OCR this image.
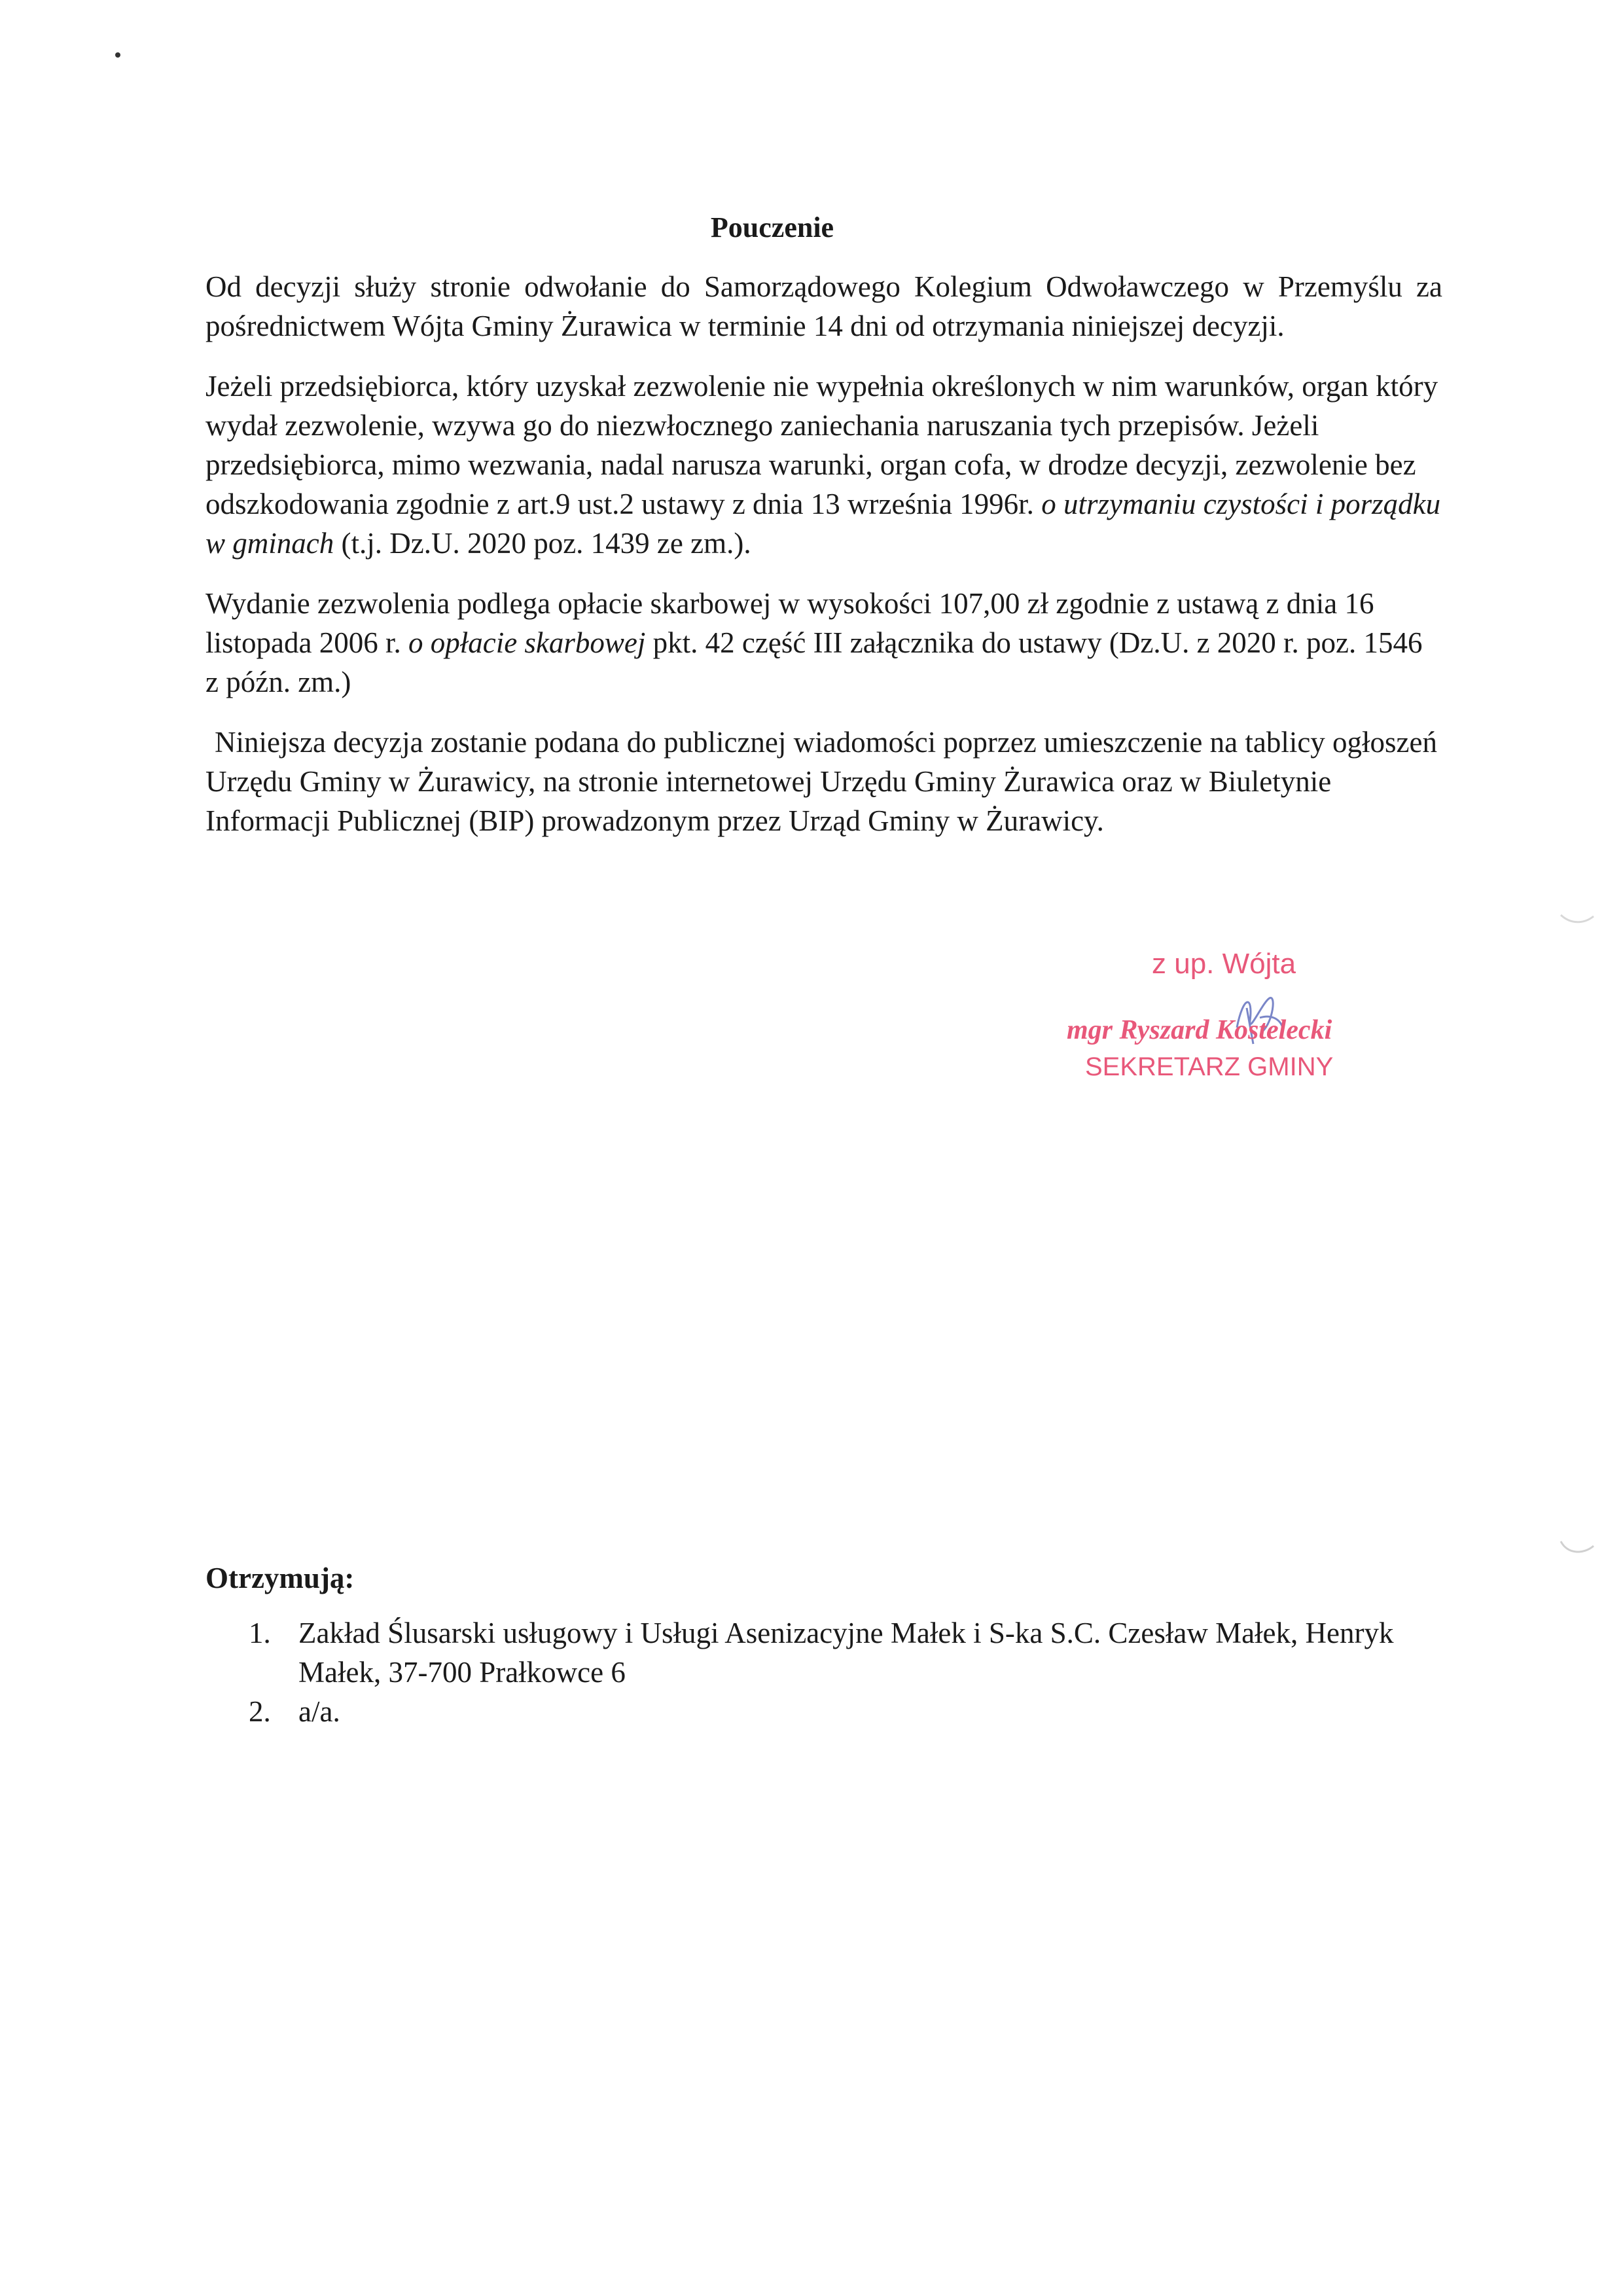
Pouczenie

Od decyzji służy stronie odwołanie do Samorządowego Kolegium Odwoławczego w Przemyślu za pośrednictwem Wójta Gminy Żurawica w terminie 14 dni od otrzymania niniejszej decyzji.

Jeżeli przedsiębiorca, który uzyskał zezwolenie nie wypełnia określonych w nim warunków, organ który wydał zezwolenie, wzywa go do niezwłocznego zaniechania naruszania tych przepisów. Jeżeli przedsiębiorca, mimo wezwania, nadal narusza warunki, organ cofa, w drodze decyzji, zezwolenie bez odszkodowania zgodnie z art.9 ust.2 ustawy z dnia 13 września 1996r. o utrzymaniu czystości i porządku w gminach (t.j. Dz.U. 2020 poz. 1439 ze zm.).

Wydanie zezwolenia podlega opłacie skarbowej w wysokości 107,00 zł zgodnie z ustawą z dnia 16 listopada 2006 r. o opłacie skarbowej pkt. 42 część III załącznika do ustawy (Dz.U. z 2020 r. poz. 1546 z późn. zm.)

Niniejsza decyzja zostanie podana do publicznej wiadomości poprzez umieszczenie na tablicy ogłoszeń Urzędu Gminy w Żurawicy, na stronie internetowej Urzędu Gminy Żurawica oraz w Biuletynie Informacji Publicznej (BIP) prowadzonym przez Urząd Gminy w Żurawicy.

z up. Wójta
mgr Ryszard Kostelecki
SEKRETARZ GMINY
Otrzymują:
1. Zakład Ślusarski usługowy i Usługi Asenizacyjne Małek i S-ka S.C. Czesław Małek, Henryk Małek, 37-700 Prałkowce 6
2. a/a.
